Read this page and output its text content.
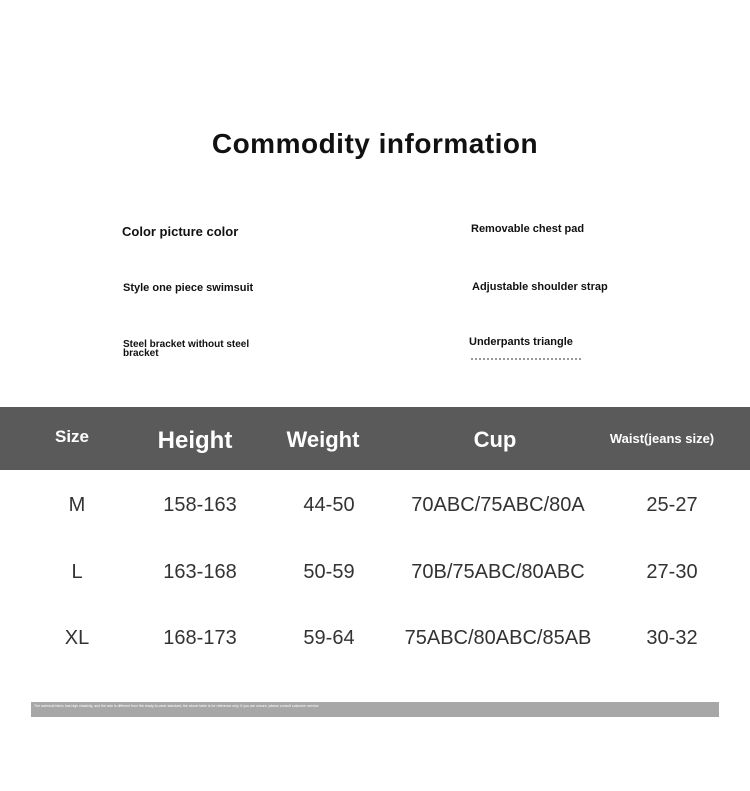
Commodity information
Color picture color	Removable chest pad
Style one piece swimsuit	Adjustable shoulder strap
Steel bracket without steel bracket
Underpants triangle
Size	Height	Weight	Cup	Waist(jeans size)
M	158-163	44-50	70ABC/75ABC/80A	25-27
L	163-168	50-59	70B/75ABC/80ABC	27-30
XL	168-173	59-64	75ABC/80ABC/85AB	30-32
The swimsuit fabric has high elasticity, and the size is different from the ready-to-wear standard; the above table is for reference only. If you are unsure, please consult customer service.
